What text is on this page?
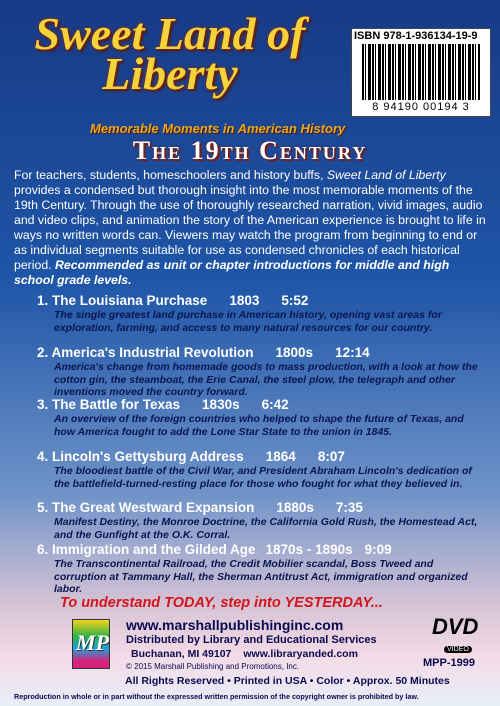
Sweet Land of Liberty
ISBN 978-1-936134-19-9
8 94190 00194 3
Memorable Moments in American History
The 19th Century
For teachers, students, homeschoolers and history buffs, Sweet Land of Liberty provides a condensed but thorough insight into the most memorable moments of the 19th Century. Through the use of thoroughly researched narration, vivid images, audio and video clips, and animation the story of the American experience is brought to life in ways no written words can. Viewers may watch the program from beginning to end or as individual segments suitable for use as condensed chronicles of each historical period. Recommended as unit or chapter introductions for middle and high school grade levels.
1. The Louisiana Purchase 1803 5:52
The single greatest land purchase in American history, opening vast areas for exploration, farming, and access to many natural resources for our country.
2. America's Industrial Revolution 1800s 12:14
America's change from homemade goods to mass production, with a look at how the cotton gin, the steamboat, the Erie Canal, the steel plow, the telegraph and other inventions moved the country forward.
3. The Battle for Texas 1830s 6:42
An overview of the foreign countries who helped to shape the future of Texas, and how America fought to add the Lone Star State to the union in 1845.
4. Lincoln's Gettysburg Address 1864 8:07
The bloodiest battle of the Civil War, and President Abraham Lincoln's dedication of the battlefield-turned-resting place for those who fought for what they believed in.
5. The Great Westward Expansion 1880s 7:35
Manifest Destiny, the Monroe Doctrine, the California Gold Rush, the Homestead Act, and the Gunfight at the O.K. Corral.
6. Immigration and the Gilded Age 1870s - 1890s 9:09
The Transcontinental Railroad, the Credit Mobilier scandal, Boss Tweed and corruption at Tammany Hall, the Sherman Antitrust Act, immigration and organized labor.
To understand TODAY, step into YESTERDAY...
MP
www.marshallpublishinginc.com
Distributed by Library and Educational Services
Buchanan, MI 49107 www.libraryanded.com
© 2015 Marshall Publishing and Promotions, Inc.
DVD
VIDEO
MPP-1999
All Rights Reserved • Printed in USA • Color • Approx. 50 Minutes
Reproduction in whole or in part without the expressed written permission of the copyright owner is prohibited by law.
